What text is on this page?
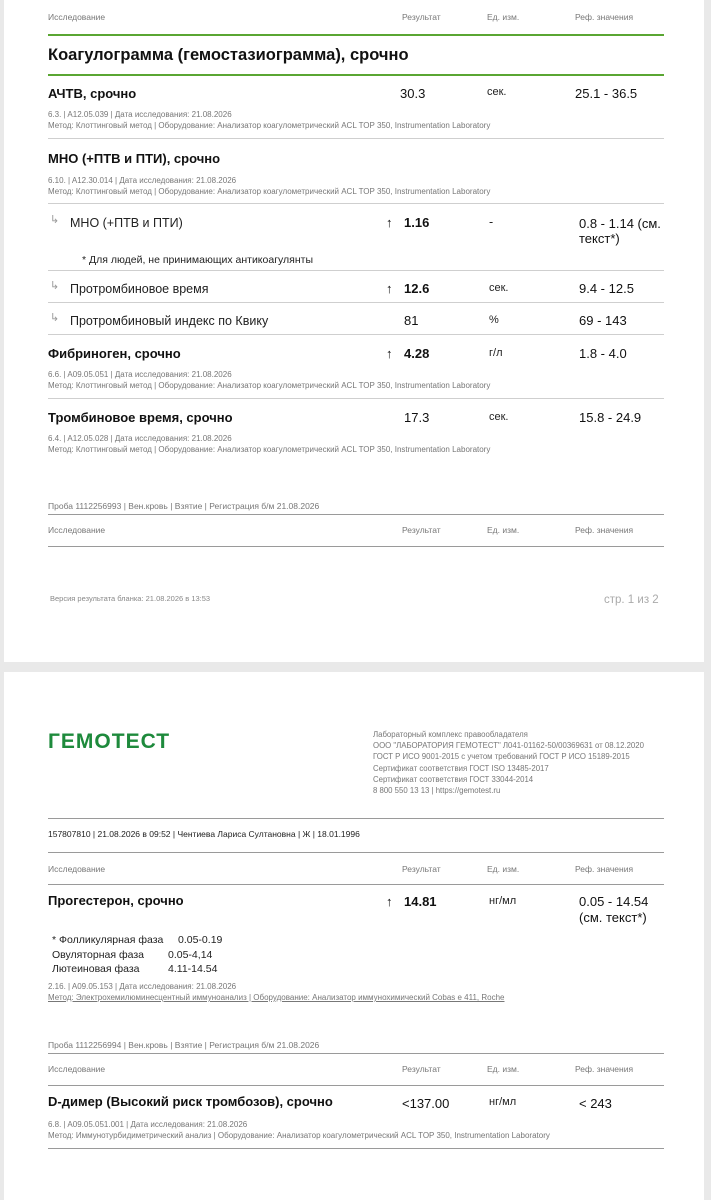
Исследование	Результат	Ед. изм.	Реф. значения
Коагулограмма (гемостазиограмма), срочно
АЧТВ, срочно	30.3	сек.	25.1 - 36.5
6.3. | A12.05.039 | Дата исследования: 21.08.2026
Метод: Клоттинговый метод | Оборудование: Анализатор коагулометрический ACL TOP 350, Instrumentation Laboratory
МНО (+ПТВ и ПТИ), срочно
6.10. | A12.30.014 | Дата исследования: 21.08.2026
Метод: Клоттинговый метод | Оборудование: Анализатор коагулометрический ACL TOP 350, Instrumentation Laboratory
↳ МНО (+ПТВ и ПТИ)	↑ 1.16	-	0.8 - 1.14 (см.
текст*)
* Для людей, не принимающих антикоагулянты
↳ Протромбиновое время	↑ 12.6	сек.	9.4 - 12.5
↳ Протромбиновый индекс по Квику	81	%	69 - 143
Фибриноген, срочно	↑ 4.28	г/л	1.8 - 4.0
6.6. | A09.05.051 | Дата исследования: 21.08.2026
Метод: Клоттинговый метод | Оборудование: Анализатор коагулометрический ACL TOP 350, Instrumentation Laboratory
Тромбиновое время, срочно	17.3	сек.	15.8 - 24.9
6.4. | A12.05.028 | Дата исследования: 21.08.2026
Метод: Клоттинговый метод | Оборудование: Анализатор коагулометрический ACL TOP 350, Instrumentation Laboratory
Проба 1112256993 | Вен.кровь | Взятие | Регистрация б/м 21.08.2026
Исследование	Результат	Ед. изм.	Реф. значения
Версия результата бланка: 21.08.2026 в 13:53	стр. 1 из 2
ГЕМОТЕСТ	Лабораторный комплекс правообладателя
ООО "ЛАБОРАТОРИЯ ГЕМОТЕСТ" Л041-01162-50/00369631 от 08.12.2020
ГОСТ Р ИСО 9001-2015 с учетом требований ГОСТ Р ИСО 15189-2015
Сертификат соответствия ГОСТ ISO 13485-2017
Сертификат соответствия ГОСТ 33044-2014
8 800 550 13 13 | https://gemotest.ru
157807810 | 21.08.2026 в 09:52 | Чентиева Лариса Султановна | Ж | 18.01.1996
Исследование	Результат	Ед. изм.	Реф. значения
Прогестерон, срочно	↑ 14.81	нг/мл	0.05 - 14.54
(см. текст*)
* Фолликулярная фаза 0.05-0.19
Овуляторная фаза 0.05-4,14
Лютеиновая фаза	4.11-14.54
2.16. | A09.05.153 | Дата исследования: 21.08.2026
Метод: Электрохемилюминесцентный иммуноанализ | Оборудование: Анализатор иммунохимический Cobas e 411, Roche
Проба 1112256994 | Вен.кровь | Взятие | Регистрация б/м 21.08.2026
Исследование	Результат	Ед. изм.	Реф. значения
D-димер (Высокий риск тромбозов), срочно	<137.00	нг/мл	< 243
6.8. | A09.05.051.001 | Дата исследования: 21.08.2026
Метод: Иммунотурбидиметрический анализ | Оборудование: Анализатор коагулометрический ACL TOP 350, Instrumentation Laboratory
